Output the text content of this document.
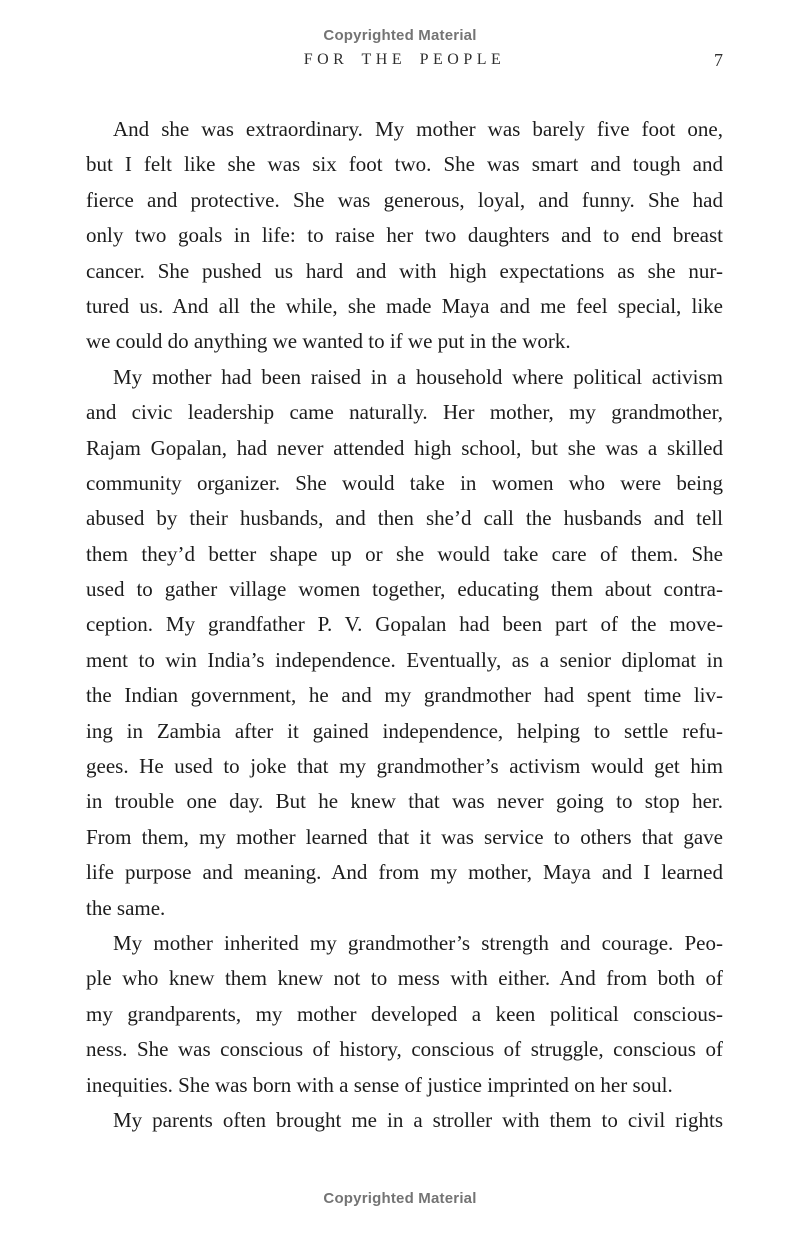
Copyrighted Material
FOR THE PEOPLE	7
And she was extraordinary. My mother was barely five foot one,
but I felt like she was six foot two. She was smart and tough and
fierce and protective. She was generous, loyal, and funny. She had
only two goals in life: to raise her two daughters and to end breast
cancer. She pushed us hard and with high expectations as she nur-
tured us. And all the while, she made Maya and me feel special, like
we could do anything we wanted to if we put in the work.
My mother had been raised in a household where political activism
and civic leadership came naturally. Her mother, my grandmother,
Rajam Gopalan, had never attended high school, but she was a skilled
community organizer. She would take in women who were being
abused by their husbands, and then she’d call the husbands and tell
them they’d better shape up or she would take care of them. She
used to gather village women together, educating them about contra-
ception. My grandfather P. V. Gopalan had been part of the move-
ment to win India’s independence. Eventually, as a senior diplomat in
the Indian government, he and my grandmother had spent time liv-
ing in Zambia after it gained independence, helping to settle refu-
gees. He used to joke that my grandmother’s activism would get him
in trouble one day. But he knew that was never going to stop her.
From them, my mother learned that it was service to others that gave
life purpose and meaning. And from my mother, Maya and I learned
the same.
My mother inherited my grandmother’s strength and courage. Peo-
ple who knew them knew not to mess with either. And from both of
my grandparents, my mother developed a keen political conscious-
ness. She was conscious of history, conscious of struggle, conscious of
inequities. She was born with a sense of justice imprinted on her soul.
My parents often brought me in a stroller with them to civil rights
Copyrighted Material
